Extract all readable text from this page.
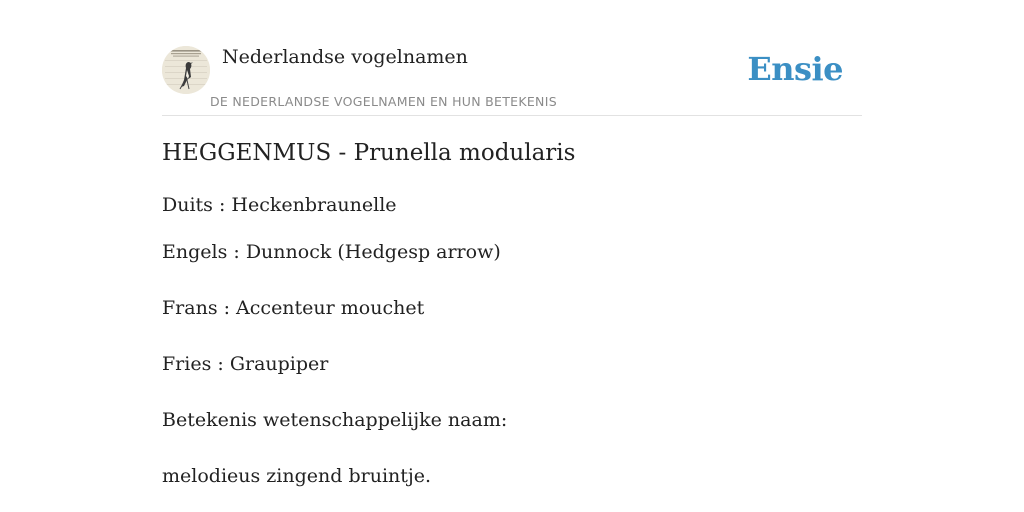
Nederlandse vogelnamen
DE NEDERLANDSE VOGELNAMEN EN HUN BETEKENIS
Ensie
HEGGENMUS - Prunella modularis

Duits : Heckenbraunelle

Engels : Dunnock (Hedgesp arrow)

Frans : Accenteur mouchet

Fries : Graupiper

Betekenis wetenschappelijke naam:

melodieus zingend bruintje.
